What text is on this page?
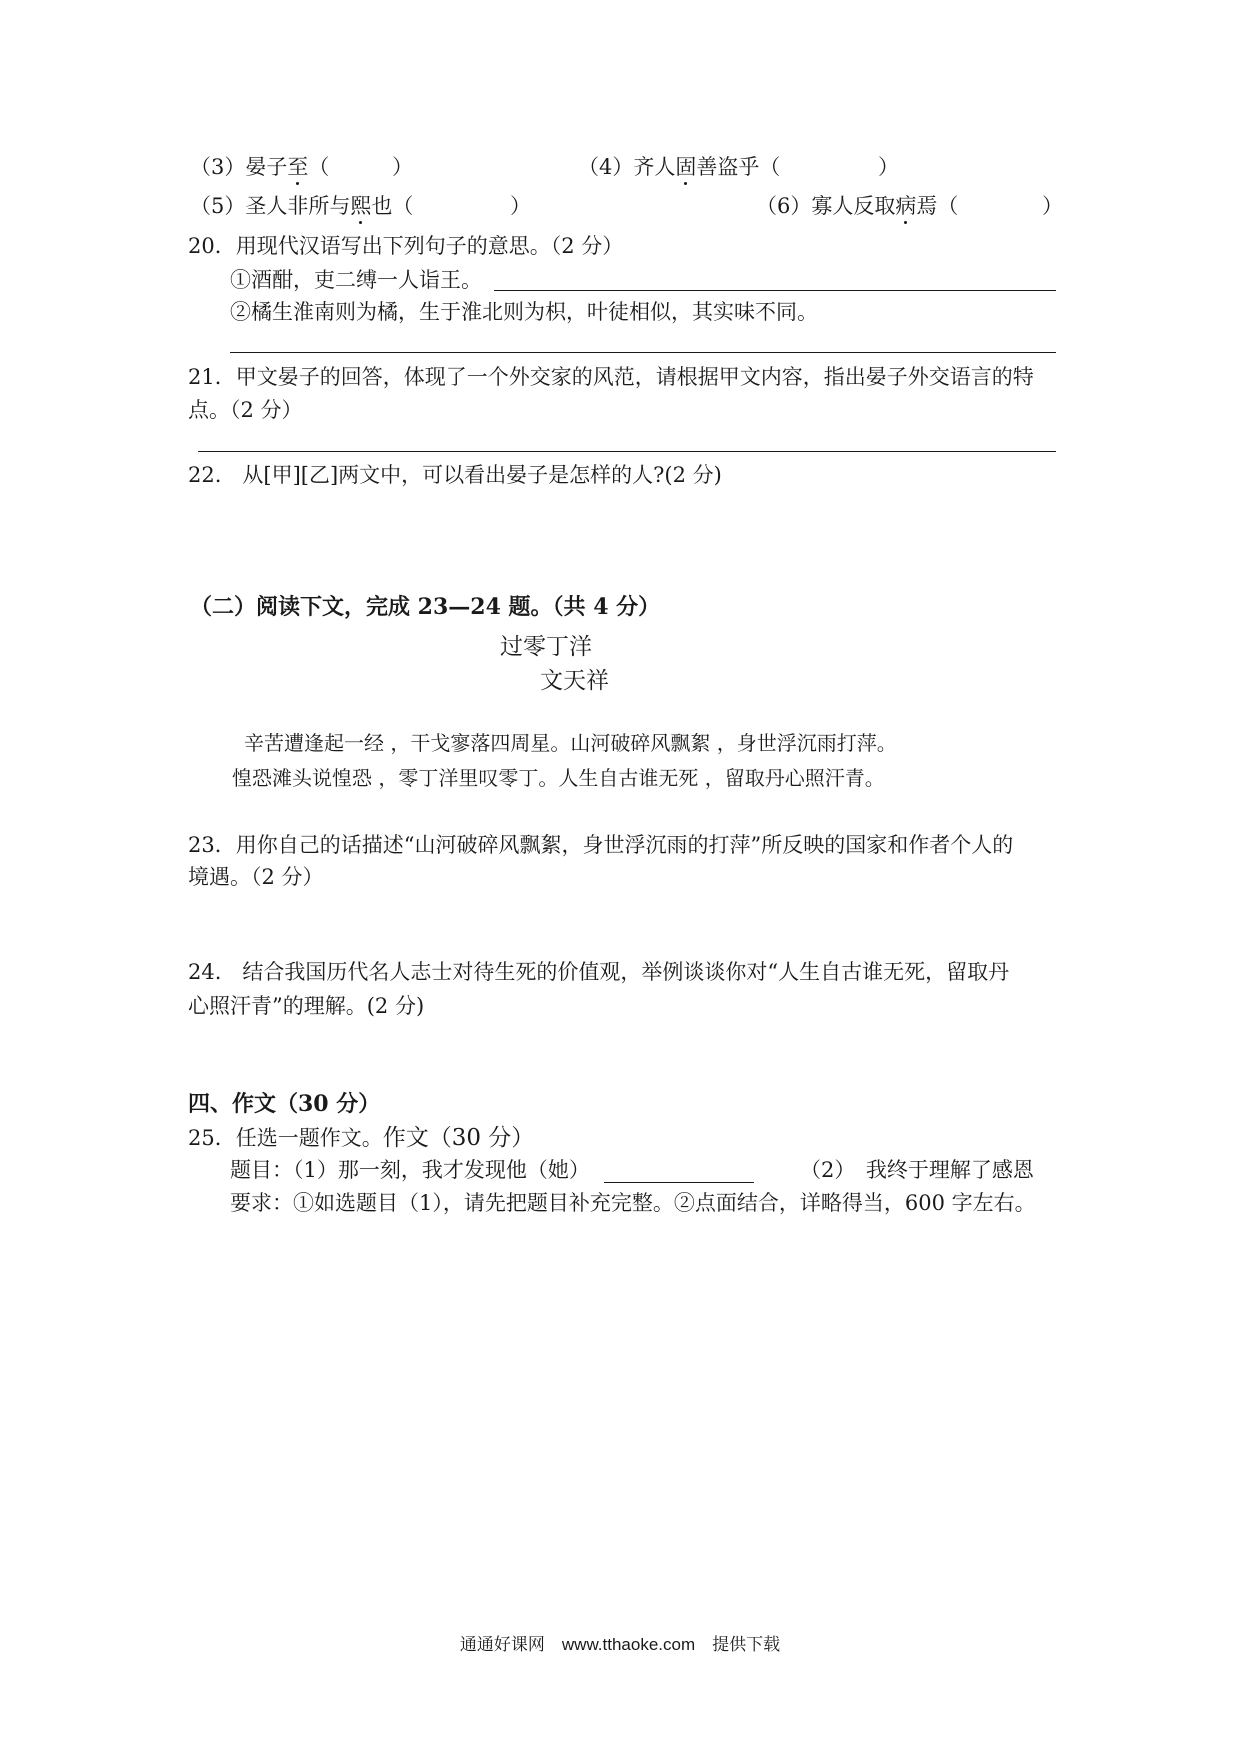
（3）晏子至（	）	（4）齐人固善盗乎（	）
（5）圣人非所与熙也（	）	（6）寡人反取病焉（	）
20．用现代汉语写出下列句子的意思。（2 分）
①酒酣，吏二缚一人诣王。
②橘生淮南则为橘，生于淮北则为枳，叶徒相似，其实味不同。
21．甲文晏子的回答，体现了一个外交家的风范，请根据甲文内容，指出晏子外交语言的特
点。（2 分）
22.　从[甲][乙]两文中，可以看出晏子是怎样的人?(2 分)
（二）阅读下文，完成 23—24 题。（共 4 分）
过零丁洋
文天祥
辛苦遭逢起一经 ，干戈寥落四周星。山河破碎风飘絮 ，身世浮沉雨打萍。
惶恐滩头说惶恐 ，零丁洋里叹零丁。人生自古谁无死 ，留取丹心照汗青。
23．用你自己的话描述“山河破碎风飘絮，身世浮沉雨的打萍”所反映的国家和作者个人的
境遇。（2 分）
24.　结合我国历代名人志士对待生死的价值观，举例谈谈你对“人生自古谁无死，留取丹
心照汗青”的理解。(2 分)
四、作文（30 分）
25．任选一题作文。作文（30 分）
题目：（1）那一刻，我才发现他（她）	（2）　我终于理解了感恩
要求：①如选题目（1），请先把题目补充完整。②点面结合，详略得当，600 字左右。
通通好课网　www.tthaoke.com　提供下载
